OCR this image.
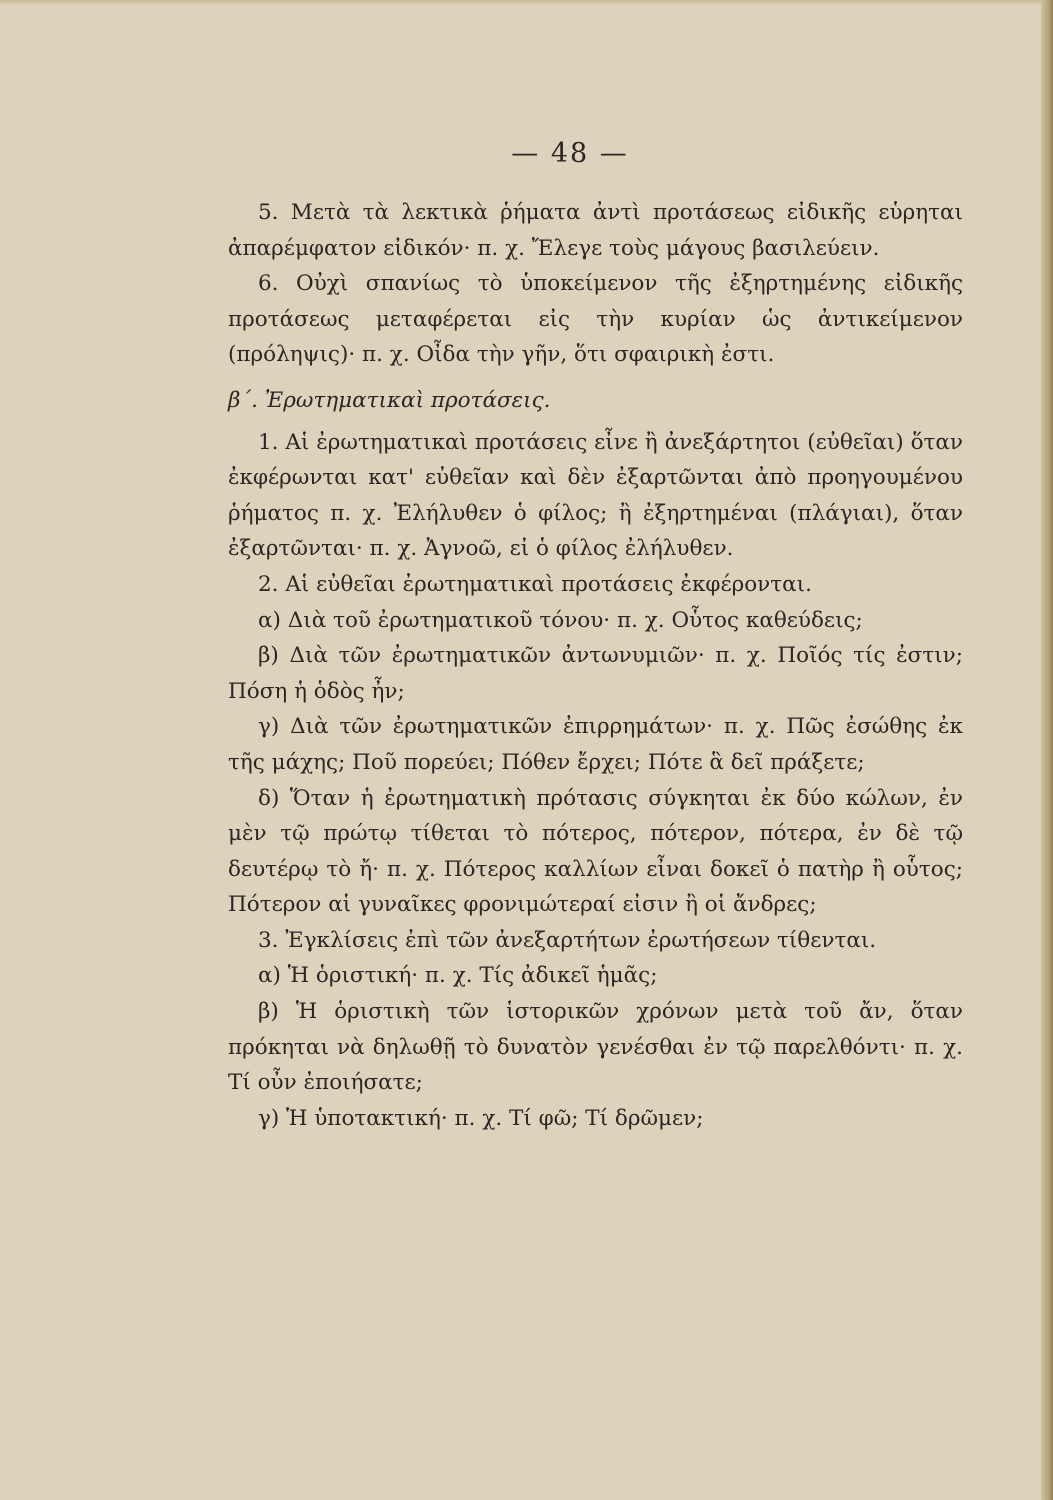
— 48 —

5. Μετὰ τὰ λεκτικὰ ῥήματα ἀντὶ προτάσεως εἰδικῆς εὑρηται ἀπαρέμφατον εἰδικόν· π. χ. Ἔλεγε τοὺς μάγους βασιλεύειν.

6. Οὐχὶ σπανίως τὸ ὑποκείμενον τῆς ἐξηρτημένης εἰδικῆς προτάσεως μεταφέρεται εἰς τὴν κυρίαν ὡς ἀντικείμενον (πρόληψις)· π. χ. Οἶδα τὴν γῆν, ὅτι σφαιρικὴ ἐστι.

β΄. Ἐρωτηματικαὶ προτάσεις.

1. Αἱ ἐρωτηματικαὶ προτάσεις εἶνε ἢ ἀνεξάρτητοι (εὐθεῖαι) ὅταν ἐκφέρωνται κατ' εὐθεῖαν καὶ δὲν ἐξαρτῶνται ἀπὸ προηγουμένου ῥήματος π. χ. Ἐλήλυθεν ὁ φίλος; ἢ ἐξηρτημέναι (πλάγιαι), ὅταν ἐξαρτῶνται· π. χ. Ἀγνοῶ, εἰ ὁ φίλος ἐλήλυθεν.

2. Αἱ εὐθεῖαι ἐρωτηματικαὶ προτάσεις ἐκφέρονται.

α) Διὰ τοῦ ἐρωτηματικοῦ τόνου· π. χ. Οὗτος καθεύδεις;

β) Διὰ τῶν ἐρωτηματικῶν ἀντωνυμιῶν· π. χ. Ποῖός τίς ἐστιν; Πόση ἡ ὁδὸς ἦν;

γ) Διὰ τῶν ἐρωτηματικῶν ἐπιρρημάτων· π. χ. Πῶς ἐσώθης ἐκ τῆς μάχης; Ποῦ πορεύει; Πόθεν ἔρχει; Πότε ἃ δεῖ πράξετε;

δ) Ὅταν ἡ ἐρωτηματικὴ πρότασις σύγκηται ἐκ δύο κώλων, ἐν μὲν τῷ πρώτῳ τίθεται τὸ πότερος, πότερον, πότερα, ἐν δὲ τῷ δευτέρῳ τὸ ἤ· π. χ. Πότερος καλλίων εἶναι δοκεῖ ὁ πατὴρ ἢ οὗτος; Πότερον αἱ γυναῖκες φρονιμώτεραί εἰσιν ἢ οἱ ἄνδρες;

3. Ἐγκλίσεις ἐπὶ τῶν ἀνεξαρτήτων ἐρωτήσεων τίθενται.

α) Ἡ ὁριστική· π. χ. Τίς ἀδικεῖ ἡμᾶς;

β) Ἡ ὁριστικὴ τῶν ἱστορικῶν χρόνων μετὰ τοῦ ἄν, ὅταν πρόκηται νὰ δηλωθῇ τὸ δυνατὸν γενέσθαι ἐν τῷ παρελθόντι· π. χ. Τί οὖν ἐποιήσατε;

γ) Ἡ ὑποτακτική· π. χ. Τί φῶ; Τί δρῶμεν;
